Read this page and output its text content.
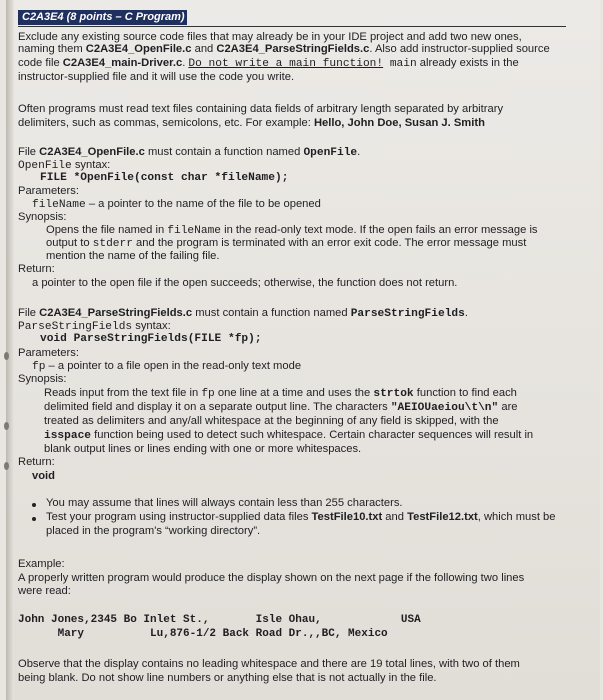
C2A3E4 (8 points – C Program)
Exclude any existing source code files that may already be in your IDE project and add two new ones,
naming them C2A3E4_OpenFile.c and C2A3E4_ParseStringFields.c. Also add instructor-supplied source
code file C2A3E4_main-Driver.c. Do not write a main function! main already exists in the
instructor-supplied file and it will use the code you write.
Often programs must read text files containing data fields of arbitrary length separated by arbitrary
delimiters, such as commas, semicolons, etc. For example: Hello, John Doe, Susan J. Smith
File C2A3E4_OpenFile.c must contain a function named OpenFile.
OpenFile syntax:
FILE *OpenFile(const char *fileName);
Parameters:
fileName – a pointer to the name of the file to be opened
Synopsis:
Opens the file named in fileName in the read-only text mode. If the open fails an error message is
output to stderr and the program is terminated with an error exit code. The error message must
mention the name of the failing file.
Return:
a pointer to the open file if the open succeeds; otherwise, the function does not return.
File C2A3E4_ParseStringFields.c must contain a function named ParseStringFields.
ParseStringFields syntax:
void ParseStringFields(FILE *fp);
Parameters:
fp – a pointer to a file open in the read-only text mode
Synopsis:
Reads input from the text file in fp one line at a time and uses the strtok function to find each
delimited field and display it on a separate output line. The characters "AEIOUaeiou\t\n" are
treated as delimiters and any/all whitespace at the beginning of any field is skipped, with the
isspace function being used to detect such whitespace. Certain character sequences will result in
blank output lines or lines ending with one or more whitespaces.
Return:
void
You may assume that lines will always contain less than 255 characters.
Test your program using instructor-supplied data files TestFile10.txt and TestFile12.txt, which must be
placed in the program's “working directory”.
Example:
A properly written program would produce the display shown on the next page if the following two lines
were read:
John Jones,2345 Bo Inlet St.,       Isle Ohau,            USA
Mary          Lu,876-1/2 Back Road Dr.,,BC, Mexico
Observe that the display contains no leading whitespace and there are 19 total lines, with two of them
being blank. Do not show line numbers or anything else that is not actually in the file.
